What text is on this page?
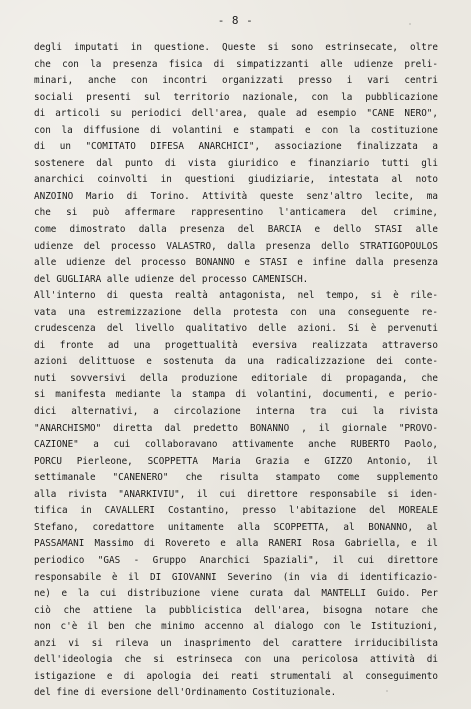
- 8 -
degli imputati in questione. Queste si sono estrinsecate, oltre
che con la presenza fisica di simpatizzanti alle udienze preli-
minari, anche con incontri organizzati presso i vari centri
sociali presenti sul territorio nazionale, con la pubblicazione
di articoli su periodici dell'area, quale ad esempio "CANE NERO",
con la diffusione di volantini e stampati e con la costituzione
di un "COMITATO DIFESA ANARCHICI", associazione finalizzata a
sostenere dal punto di vista giuridico e finanziario tutti gli
anarchici coinvolti in questioni giudiziarie, intestata al noto
ANZOINO Mario di Torino. Attività queste senz'altro lecite, ma
che si può affermare rappresentino l'anticamera del crimine,
come dimostrato dalla presenza del BARCIA e dello STASI alle
udienze del processo VALASTRO, dalla presenza dello STRATIGOPOULOS
alle udienze del processo BONANNO e STASI e infine dalla presenza
del GUGLIARA alle udienze del processo CAMENISCH.
All'interno di questa realtà antagonista, nel tempo, si è rile-
vata una estremizzazione della protesta con una conseguente re-
crudescenza del livello qualitativo delle azioni. Si è pervenuti
di fronte ad una progettualità eversiva realizzata attraverso
azioni delittuose e sostenuta da una radicalizzazione dei conte-
nuti sovversivi della produzione editoriale di propaganda, che
si manifesta mediante la stampa di volantini, documenti, e perio-
dici alternativi, a circolazione interna tra cui la rivista
"ANARCHISMO" diretta dal predetto BONANNO , il giornale "PROVO-
CAZIONE" a cui collaboravano attivamente anche RUBERTO Paolo,
PORCU Pierleone, SCOPPETTA Maria Grazia e GIZZO Antonio, il
settimanale "CANENERO" che risulta stampato come supplemento
alla rivista "ANARKIVIU", il cui direttore responsabile si iden-
tifica in CAVALLERI Costantino, presso l'abitazione del MOREALE
Stefano, coredattore unitamente alla SCOPPETTA, al BONANNO, al
PASSAMANI Massimo di Rovereto e alla RANERI Rosa Gabriella, e il
periodico "GAS - Gruppo Anarchici Spaziali", il cui direttore
responsabile è il DI GIOVANNI Severino (in via di identificazio-
ne) e la cui distribuzione viene curata dal MANTELLI Guido. Per
ciò che attiene la pubblicistica dell'area, bisogna notare che
non c'è il ben che minimo accenno al dialogo con le Istituzioni,
anzi vi si rileva un inasprimento del carattere irriducibilista
dell'ideologia che si estrinseca con una pericolosa attività di
istigazione e di apologia dei reati strumentali al conseguimento
del fine di eversione dell'Ordinamento Costituzionale.
